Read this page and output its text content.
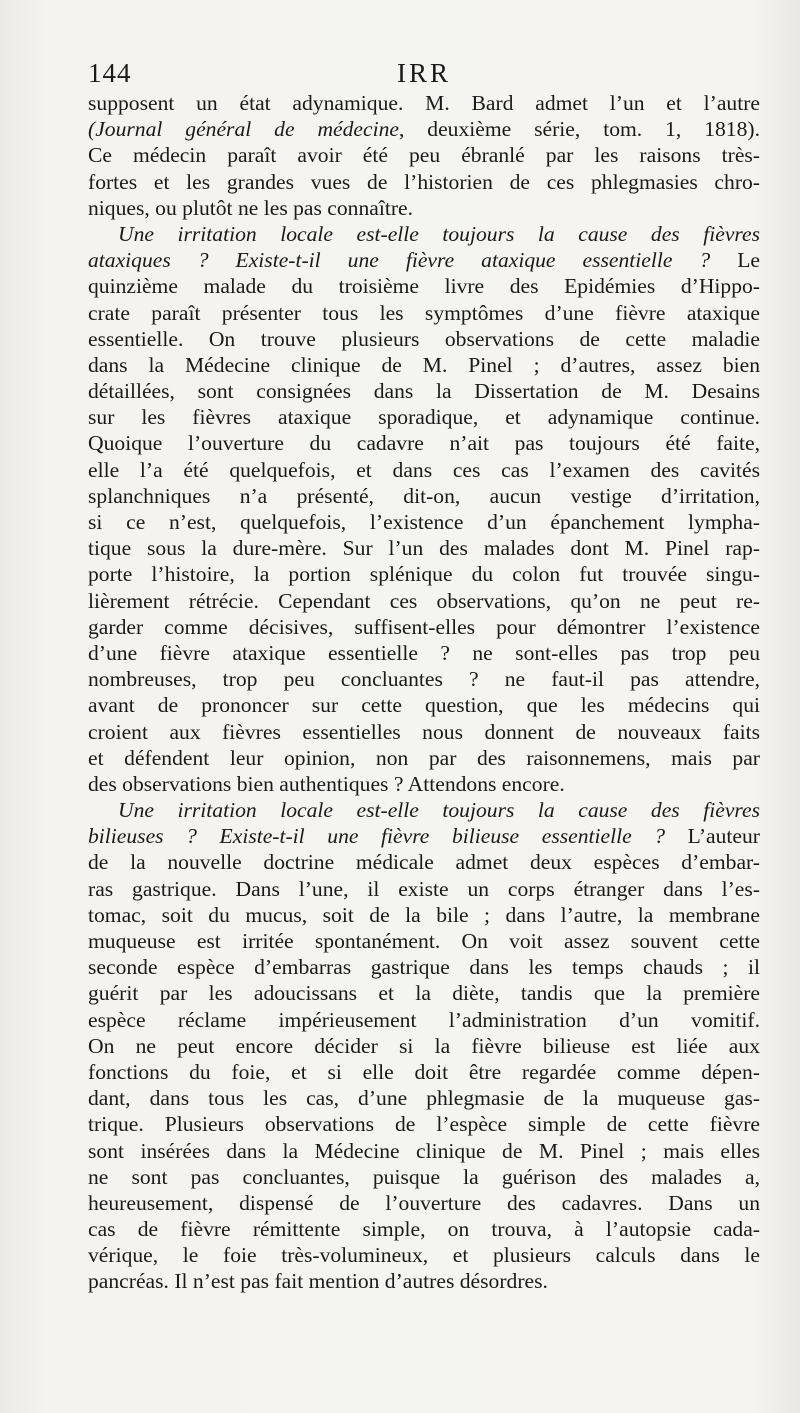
144	IRR
supposent un état adynamique. M. Bard admet l’un et l’autre
(Journal général de médecine, deuxième série, tom. 1, 1818).
Ce médecin paraît avoir été peu ébranlé par les raisons très-
fortes et les grandes vues de l’historien de ces phlegmasies chro-
niques, ou plutôt ne les pas connaître.
Une irritation locale est-elle toujours la cause des fièvres
ataxiques ? Existe-t-il une fièvre ataxique essentielle ? Le
quinzième malade du troisième livre des Epidémies d’Hippo-
crate paraît présenter tous les symptômes d’une fièvre ataxique
essentielle. On trouve plusieurs observations de cette maladie
dans la Médecine clinique de M. Pinel ; d’autres, assez bien
détaillées, sont consignées dans la Dissertation de M. Desains
sur les fièvres ataxique sporadique, et adynamique continue.
Quoique l’ouverture du cadavre n’ait pas toujours été faite,
elle l’a été quelquefois, et dans ces cas l’examen des cavités
splanchniques n’a présenté, dit-on, aucun vestige d’irritation,
si ce n’est, quelquefois, l’existence d’un épanchement lympha-
tique sous la dure-mère. Sur l’un des malades dont M. Pinel rap-
porte l’histoire, la portion splénique du colon fut trouvée singu-
lièrement rétrécie. Cependant ces observations, qu’on ne peut re-
garder comme décisives, suffisent-elles pour démontrer l’existence
d’une fièvre ataxique essentielle ? ne sont-elles pas trop peu
nombreuses, trop peu concluantes ? ne faut-il pas attendre,
avant de prononcer sur cette question, que les médecins qui
croient aux fièvres essentielles nous donnent de nouveaux faits
et défendent leur opinion, non par des raisonnemens, mais par
des observations bien authentiques ? Attendons encore.
Une irritation locale est-elle toujours la cause des fièvres
bilieuses ? Existe-t-il une fièvre bilieuse essentielle ? L’auteur
de la nouvelle doctrine médicale admet deux espèces d’embar-
ras gastrique. Dans l’une, il existe un corps étranger dans l’es-
tomac, soit du mucus, soit de la bile ; dans l’autre, la membrane
muqueuse est irritée spontanément. On voit assez souvent cette
seconde espèce d’embarras gastrique dans les temps chauds ; il
guérit par les adoucissans et la diète, tandis que la première
espèce réclame impérieusement l’administration d’un vomitif.
On ne peut encore décider si la fièvre bilieuse est liée aux
fonctions du foie, et si elle doit être regardée comme dépen-
dant, dans tous les cas, d’une phlegmasie de la muqueuse gas-
trique. Plusieurs observations de l’espèce simple de cette fièvre
sont insérées dans la Médecine clinique de M. Pinel ; mais elles
ne sont pas concluantes, puisque la guérison des malades a,
heureusement, dispensé de l’ouverture des cadavres. Dans un
cas de fièvre rémittente simple, on trouva, à l’autopsie cada-
vérique, le foie très-volumineux, et plusieurs calculs dans le
pancréas. Il n’est pas fait mention d’autres désordres.
